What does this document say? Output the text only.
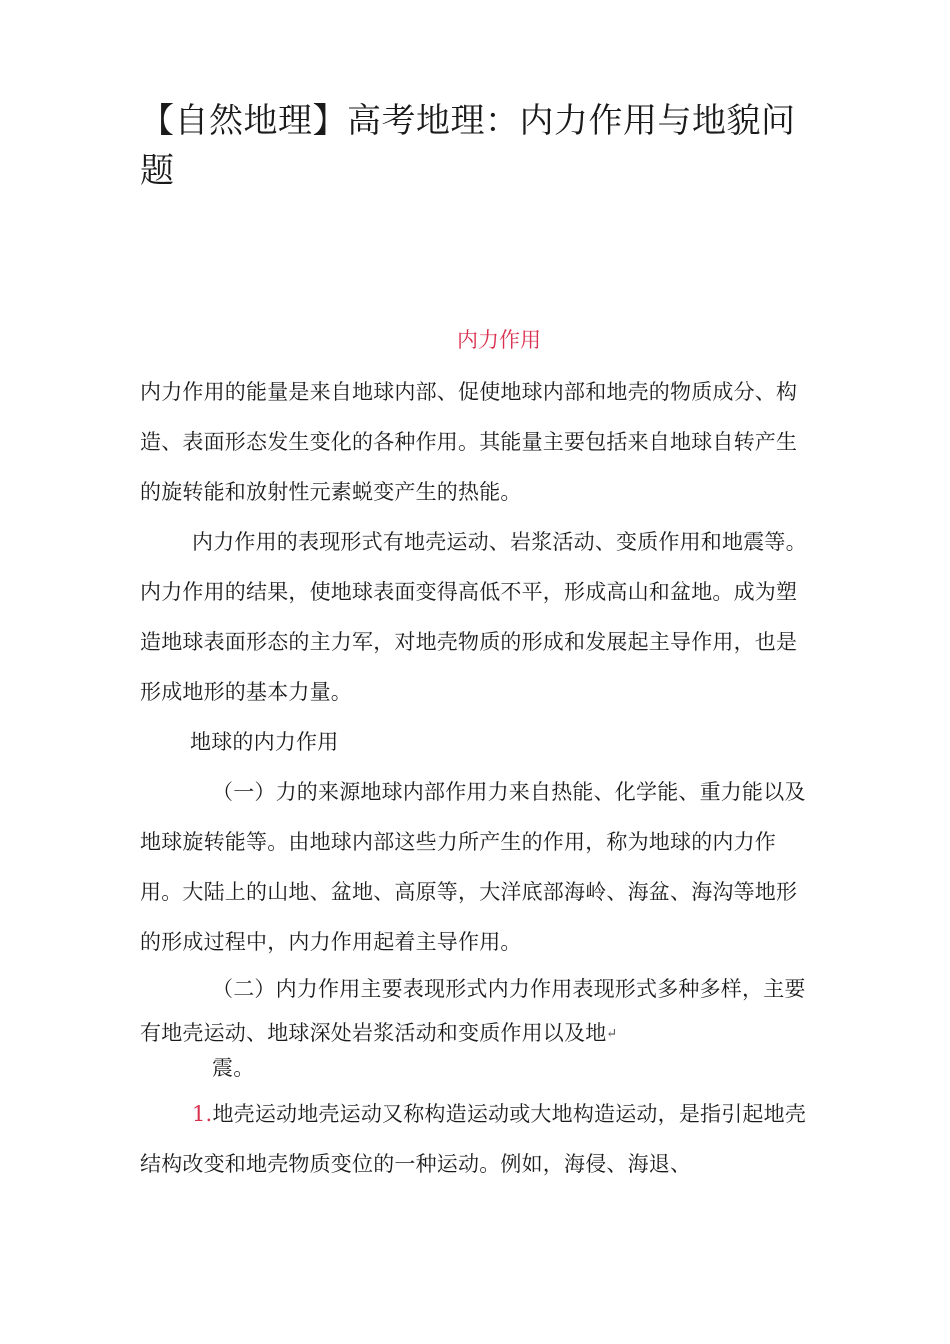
【自然地理】高考地理：内力作用与地貌问题
内力作用

内力作用的能量是来自地球内部、促使地球内部和地壳的物质成分、构造、表面形态发生变化的各种作用。其能量主要包括来自地球自转产生的旋转能和放射性元素蜕变产生的热能。

内力作用的表现形式有地壳运动、岩浆活动、变质作用和地震等。内力作用的结果，使地球表面变得高低不平，形成高山和盆地。成为塑造地球表面形态的主力军，对地壳物质的形成和发展起主导作用，也是形成地形的基本力量。

地球的内力作用

（一）力的来源地球内部作用力来自热能、化学能、重力能以及地球旋转能等。由地球内部这些力所产生的作用，称为地球的内力作用。大陆上的山地、盆地、高原等，大洋底部海岭、海盆、海沟等地形的形成过程中，内力作用起着主导作用。

（二）内力作用主要表现形式内力作用表现形式多种多样，主要有地壳运动、地球深处岩浆活动和变质作用以及地↵
震。

1.地壳运动地壳运动又称构造运动或大地构造运动，是指引起地壳结构改变和地壳物质变位的一种运动。例如，海侵、海退、
